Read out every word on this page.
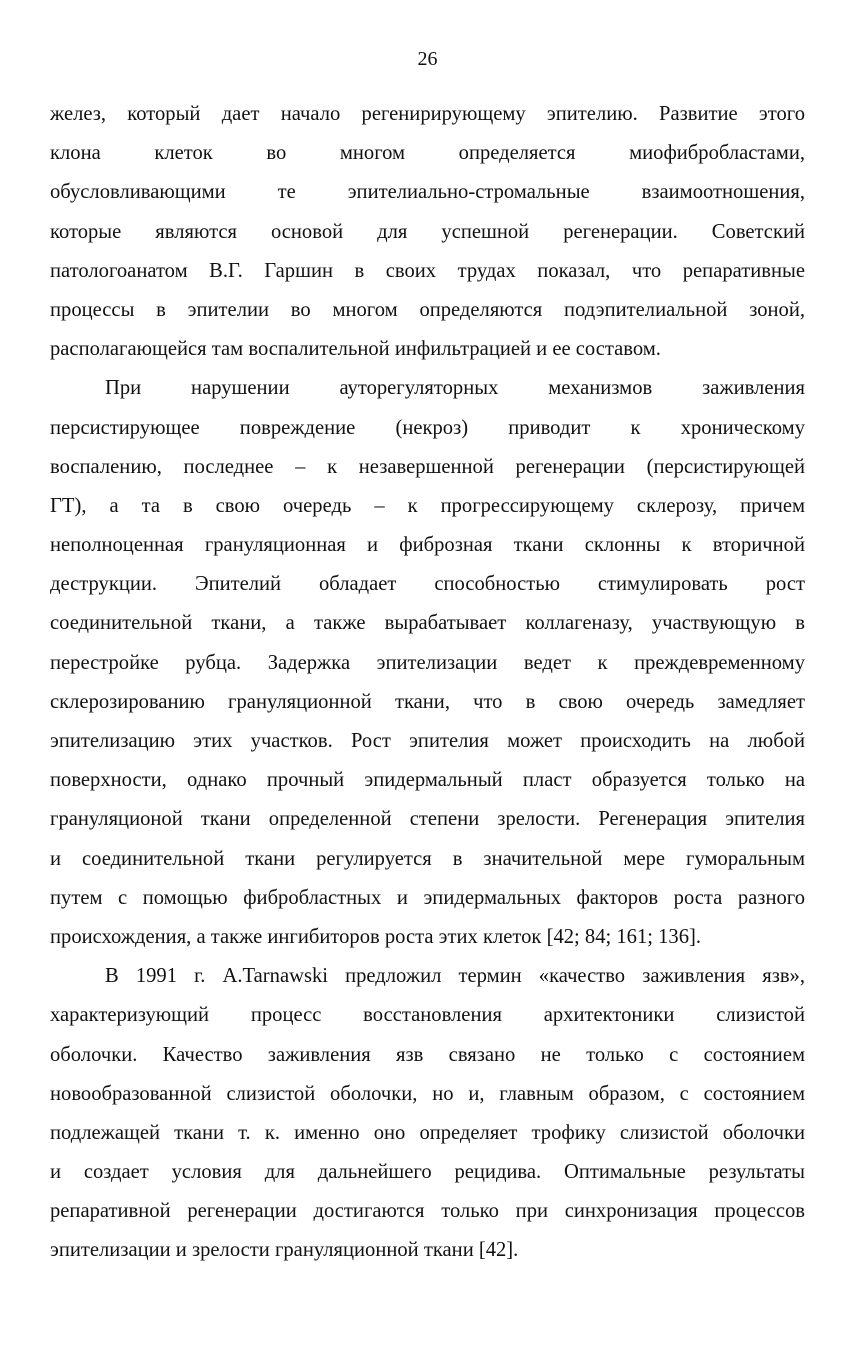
26

желез, который дает начало регенирирующему эпителию. Развитие этого
клона клеток во многом определяется миофибробластами,
обусловливающими те эпителиально-стромальные взаимоотношения,
которые являются основой для успешной регенерации. Советский
патологоанатом В.Г. Гаршин в своих трудах показал, что репаративные
процессы в эпителии во многом определяются подэпителиальной зоной,
располагающейся там воспалительной инфильтрацией и ее составом.

При нарушении ауторегуляторных механизмов заживления
персистирующее повреждение (некроз) приводит к хроническому
воспалению, последнее – к незавершенной регенерации (персистирующей
ГТ), а та в свою очередь – к прогрессирующему склерозу, причем
неполноценная грануляционная и фиброзная ткани склонны к вторичной
деструкции. Эпителий обладает способностью стимулировать рост
соединительной ткани, а также вырабатывает коллагеназу, участвующую в
перестройке рубца. Задержка эпителизации ведет к преждевременному
склерозированию грануляционной ткани, что в свою очередь замедляет
эпителизацию этих участков. Рост эпителия может происходить на любой
поверхности, однако прочный эпидермальный пласт образуется только на
грануляционой ткани определенной степени зрелости. Регенерация эпителия
и соединительной ткани регулируется в значительной мере гуморальным
путем с помощью фибробластных и эпидермальных факторов роста разного
происхождения, а также ингибиторов роста этих клеток [42; 84; 161; 136].

В 1991 г. A.Tarnawski предложил термин «качество заживления язв»,
характеризующий процесс восстановления архитектоники слизистой
оболочки. Качество заживления язв связано не только с состоянием
новообразованной слизистой оболочки, но и, главным образом, с состоянием
подлежащей ткани т. к. именно оно определяет трофику слизистой оболочки
и создает условия для дальнейшего рецидива. Оптимальные результаты
репаративной регенерации достигаются только при синхронизация процессов
эпителизации и зрелости грануляционной ткани [42].
